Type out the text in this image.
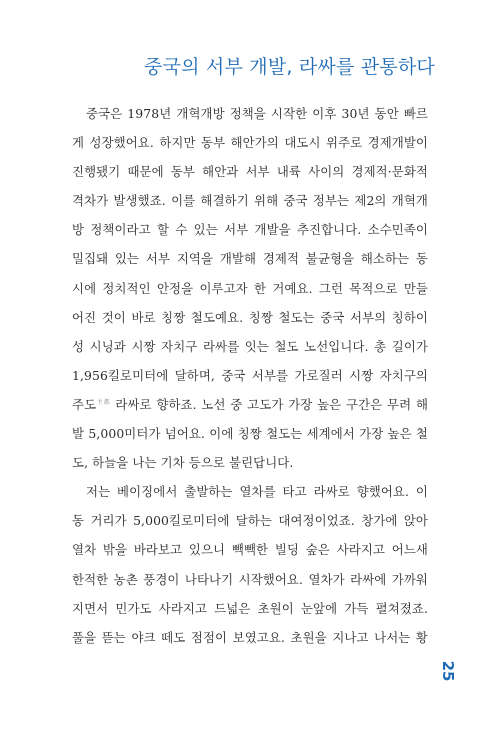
중국의 서부 개발, 라싸를 관통하다
중국은 1978년 개혁개방 정책을 시작한 이후 30년 동안 빠르
게 성장했어요. 하지만 동부 해안가의 대도시 위주로 경제개발이
진행됐기 때문에 동부 해안과 서부 내륙 사이의 경제적·문화적
격차가 발생했죠. 이를 해결하기 위해 중국 정부는 제2의 개혁개
방 정책이라고 할 수 있는 서부 개발을 추진합니다. 소수민족이
밀집돼 있는 서부 지역을 개발해 경제적 불균형을 해소하는 동
시에 정치적인 안정을 이루고자 한 거예요. 그런 목적으로 만들
어진 것이 바로 칭짱 철도예요. 칭짱 철도는 중국 서부의 칭하이
성 시닝과 시짱 자치구 라싸를 잇는 철도 노선입니다. 총 길이가
1,956킬로미터에 달하며, 중국 서부를 가로질러 시짱 자치구의
주도$^{主都}$ 라싸로 향하죠. 노선 중 고도가 가장 높은 구간은 무려 해
발 5,000미터가 넘어요. 이에 칭짱 철도는 세계에서 가장 높은 철
도, 하늘을 나는 기차 등으로 불린답니다.
저는 베이징에서 출발하는 열차를 타고 라싸로 향했어요. 이
동 거리가 5,000킬로미터에 달하는 대여정이었죠. 창가에 앉아
열차 밖을 바라보고 있으니 빽빽한 빌딩 숲은 사라지고 어느새
한적한 농촌 풍경이 나타나기 시작했어요. 열차가 라싸에 가까워
지면서 민가도 사라지고 드넓은 초원이 눈앞에 가득 펼쳐졌죠.
풀을 뜯는 야크 떼도 점점이 보였고요. 초원을 지나고 나서는 황
25
